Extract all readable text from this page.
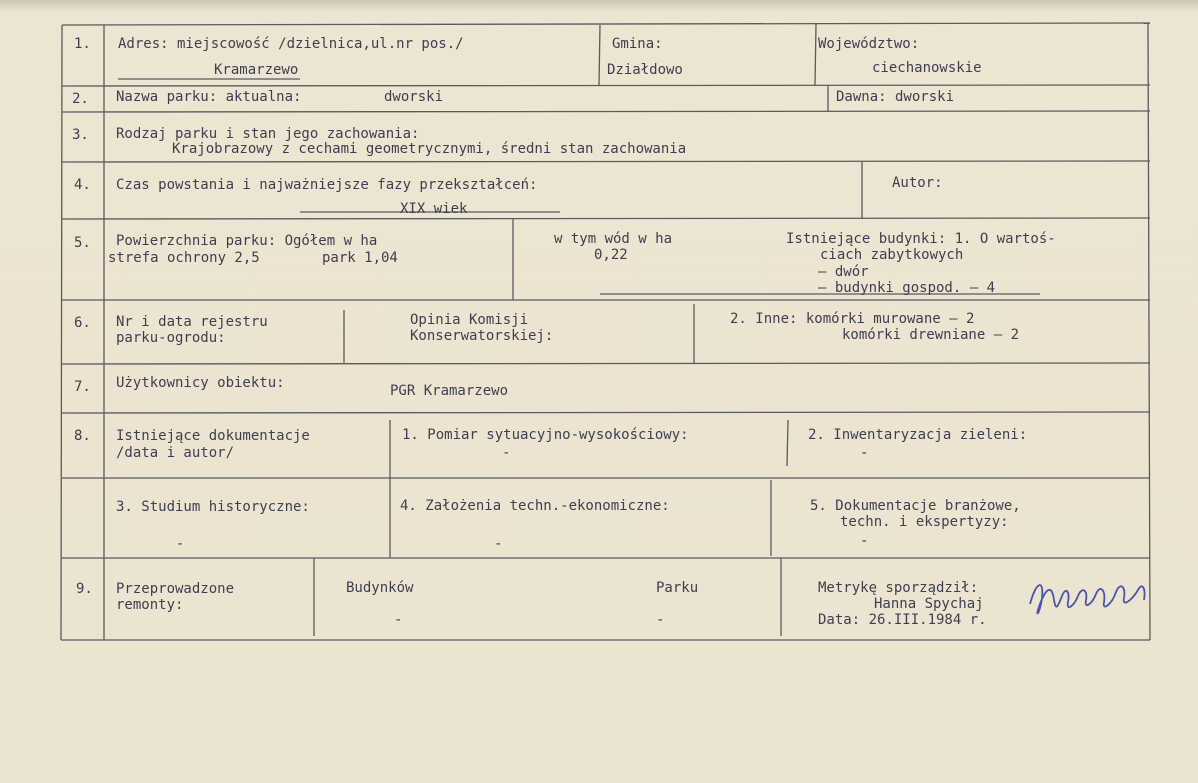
1. Adres: miejscowość /dzielnica,ul.nr pos./
Kramarzewo
Gmina:
Działdowo
Województwo:
ciechanowskie
2. Nazwa parku: aktualna:	dworski	Dawna: dworski
3. Rodzaj parku i stan jego zachowania:
Krajobrazowy z cechami geometrycznymi, średni stan zachowania
4. Czas powstania i najważniejsze fazy przekształceń:
XIX wiek
Autor:
5. Powierzchnia parku: Ogółem w ha
strefa ochrony 2,5	park 1,04
w tym wód w ha
0,22
Istniejące budynki: 1. O wartoś-
ciach zabytkowych
– dwór
– budynki gospod. – 4
6. Nr i data rejestru
parku-ogrodu:
Opinia Komisji
Konserwatorskiej:
2. Inne: komórki murowane – 2
komórki drewniane – 2
7. Użytkownicy obiektu:	PGR Kramarzewo
8. Istniejące dokumentacje
/data i autor/
1. Pomiar sytuacyjno-wysokościowy:
-
2. Inwentaryzacja zieleni:
-
3. Studium historyczne:
-
4. Założenia techn.-ekonomiczne:
-
5. Dokumentacje branżowe,
techn. i ekspertyzy:
-
9. Przeprowadzone
remonty:
Budynków
-
Parku
-
Metrykę sporządził:
Hanna Spychaj
Data: 26.III.1984 r.
